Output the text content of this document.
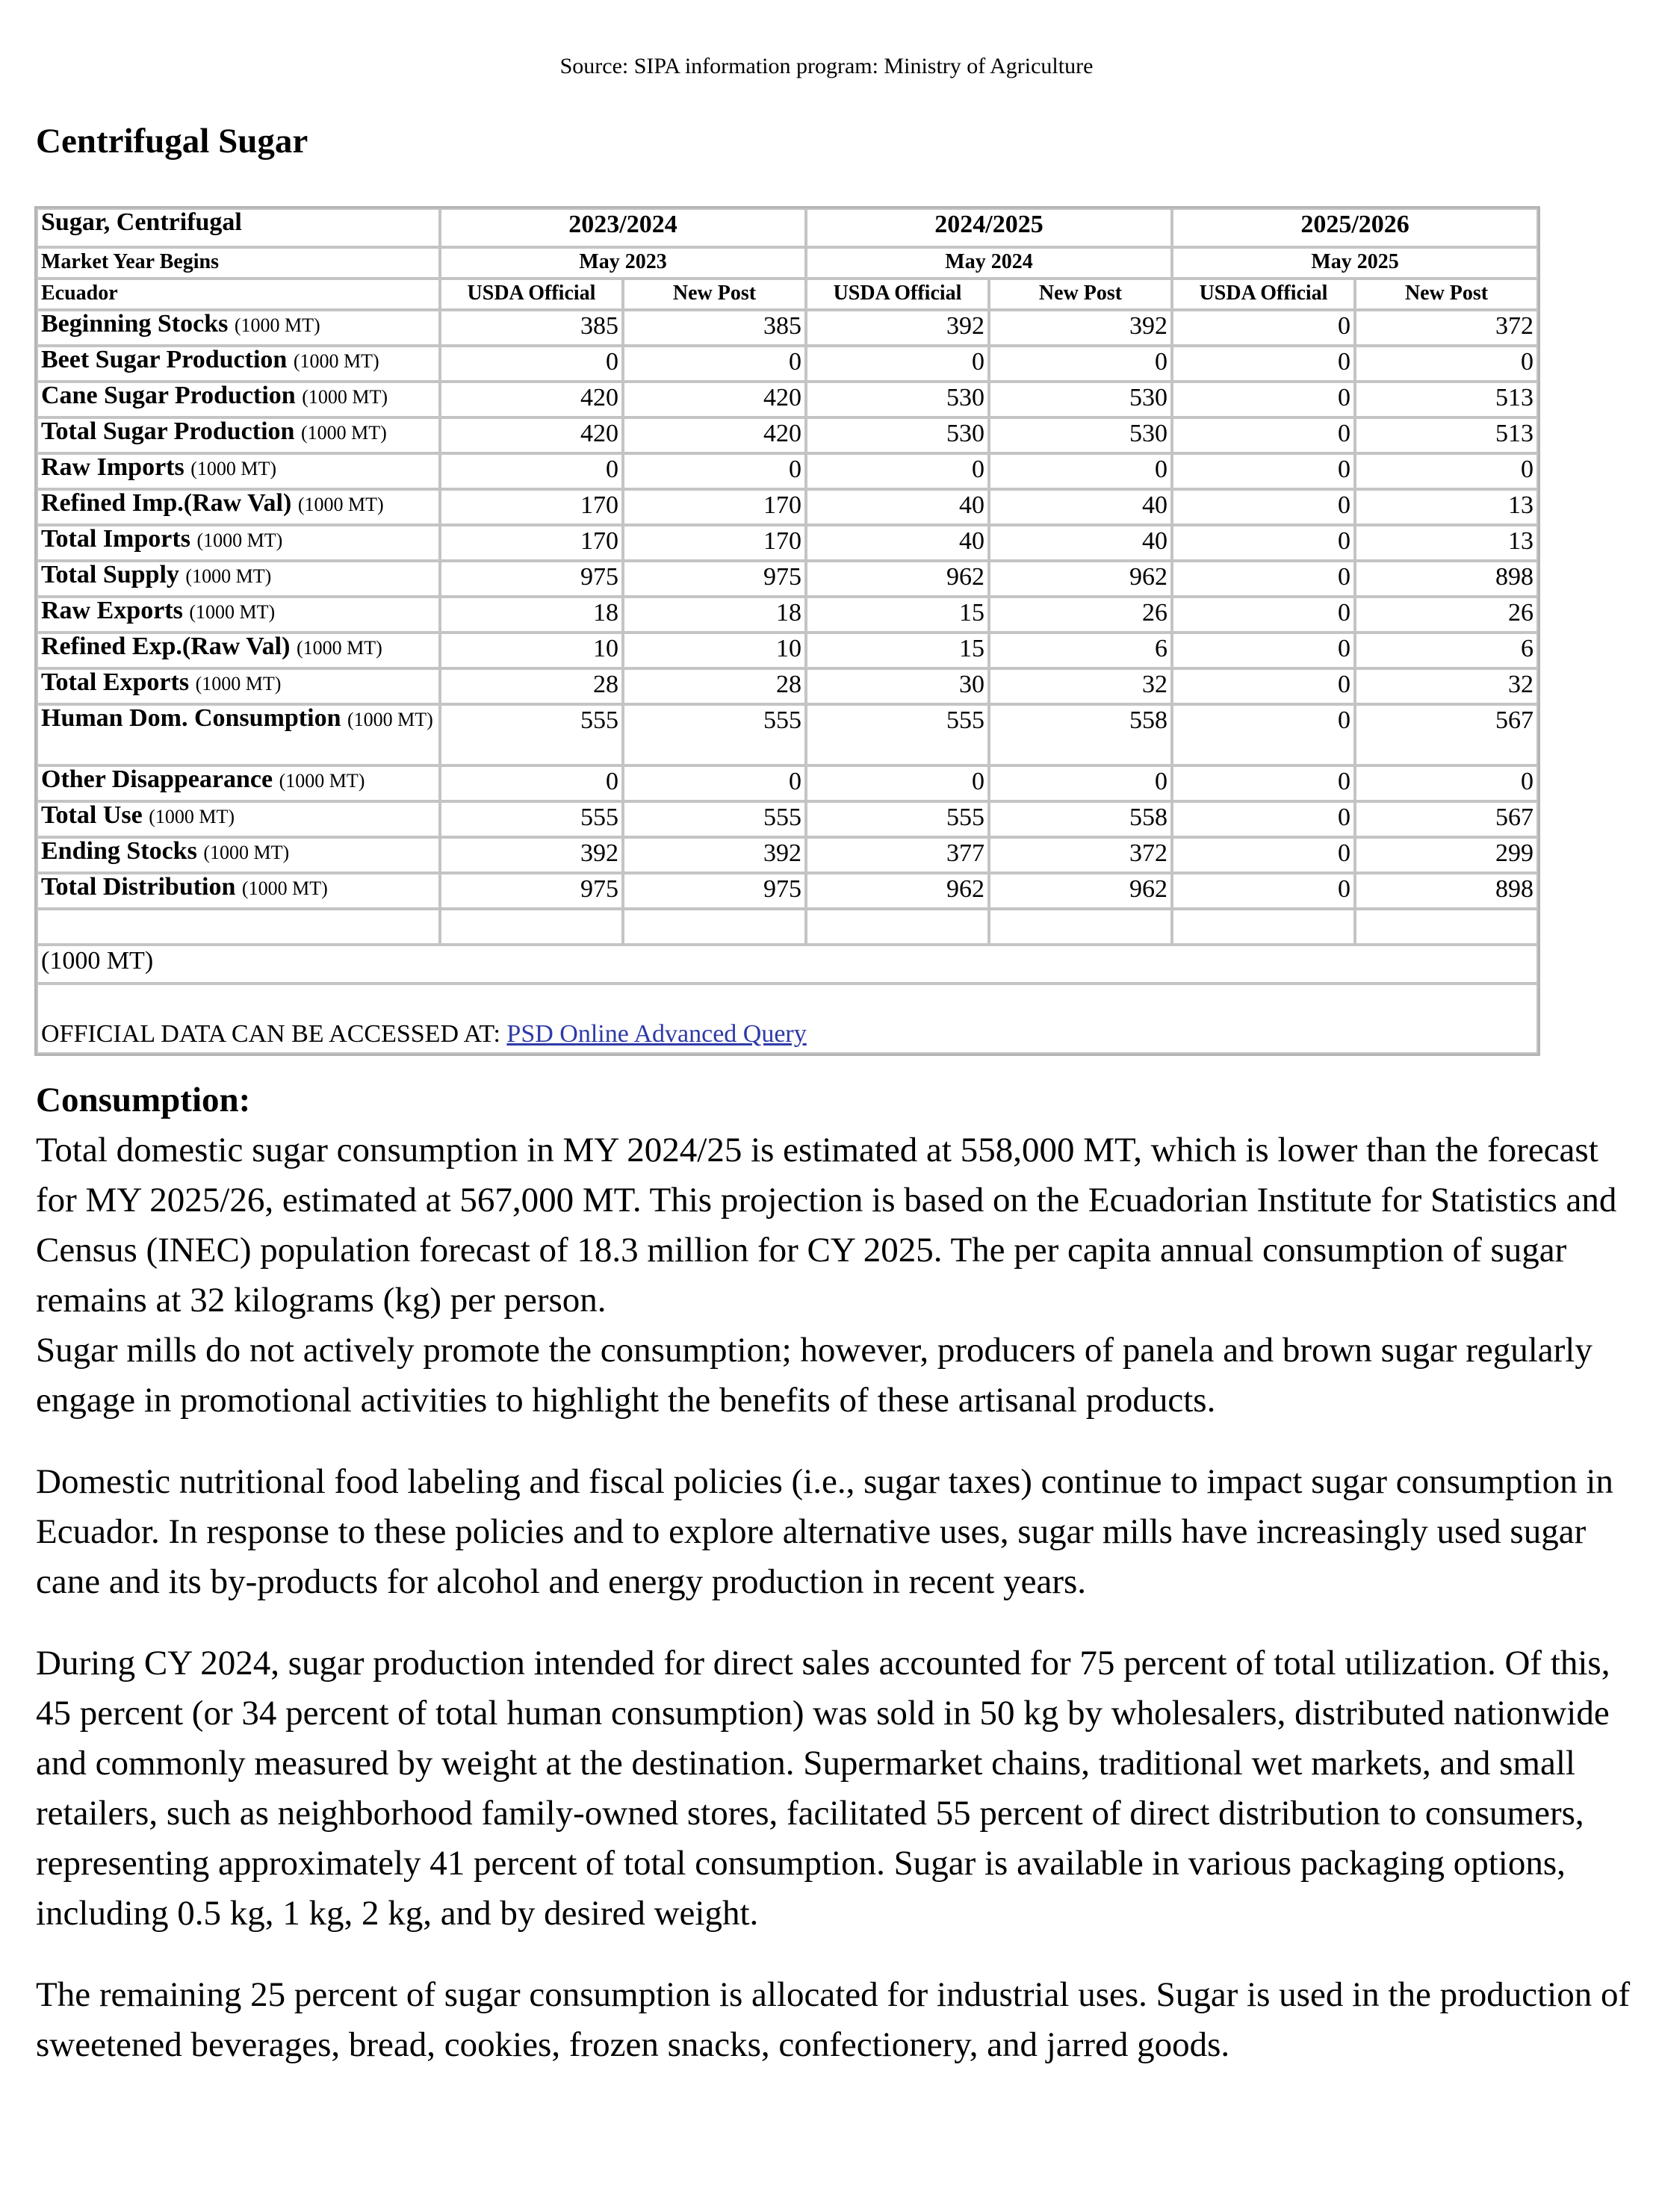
Source: SIPA information program: Ministry of Agriculture
Centrifugal Sugar
Sugar, Centrifugal	2023/2024		2024/2025		2025/2026	
Market Year Begins	May 2023		May 2024		May 2025	
Ecuador	USDA Official	New Post	USDA Official	New Post	USDA Official	New Post
Beginning Stocks (1000 MT)	385	385	392	392	0	372
Beet Sugar Production (1000 MT)	0	0	0	0	0	0
Cane Sugar Production (1000 MT)	420	420	530	530	0	513
Total Sugar Production (1000 MT)	420	420	530	530	0	513
Raw Imports (1000 MT)	0	0	0	0	0	0
Refined Imp.(Raw Val) (1000 MT)	170	170	40	40	0	13
Total Imports (1000 MT)	170	170	40	40	0	13
Total Supply (1000 MT)	975	975	962	962	0	898
Raw Exports (1000 MT)	18	18	15	26	0	26
Refined Exp.(Raw Val) (1000 MT)	10	10	15	6	0	6
Total Exports (1000 MT)	28	28	30	32	0	32
Human Dom. Consumption (1000 MT)	555	555	555	558	0	567
Other Disappearance (1000 MT)	0	0	0	0	0	0
Total Use (1000 MT)	555	555	555	558	0	567
Ending Stocks (1000 MT)	392	392	377	372	0	299
Total Distribution (1000 MT)	975	975	962	962	0	898

(1000 MT)						
OFFICIAL DATA CAN BE ACCESSED AT: PSD Online Advanced Query						
Consumption:

Total domestic sugar consumption in MY 2024/25 is estimated at 558,000 MT, which is lower than the forecast for MY 2025/26, estimated at 567,000 MT. This projection is based on the Ecuadorian Institute for Statistics and Census (INEC) population forecast of 18.3 million for CY 2025. The per capita annual consumption of sugar remains at 32 kilograms (kg) per person.

Sugar mills do not actively promote the consumption; however, producers of panela and brown sugar regularly engage in promotional activities to highlight the benefits of these artisanal products.

Domestic nutritional food labeling and fiscal policies (i.e., sugar taxes) continue to impact sugar consumption in Ecuador. In response to these policies and to explore alternative uses, sugar mills have increasingly used sugar cane and its by-products for alcohol and energy production in recent years.

During CY 2024, sugar production intended for direct sales accounted for 75 percent of total utilization. Of this, 45 percent (or 34 percent of total human consumption) was sold in 50 kg by wholesalers, distributed nationwide and commonly measured by weight at the destination. Supermarket chains, traditional wet markets, and small retailers, such as neighborhood family-owned stores, facilitated 55 percent of direct distribution to consumers, representing approximately 41 percent of total consumption. Sugar is available in various packaging options, including 0.5 kg, 1 kg, 2 kg, and by desired weight.

The remaining 25 percent of sugar consumption is allocated for industrial uses. Sugar is used in the production of sweetened beverages, bread, cookies, frozen snacks, confectionery, and jarred goods.
